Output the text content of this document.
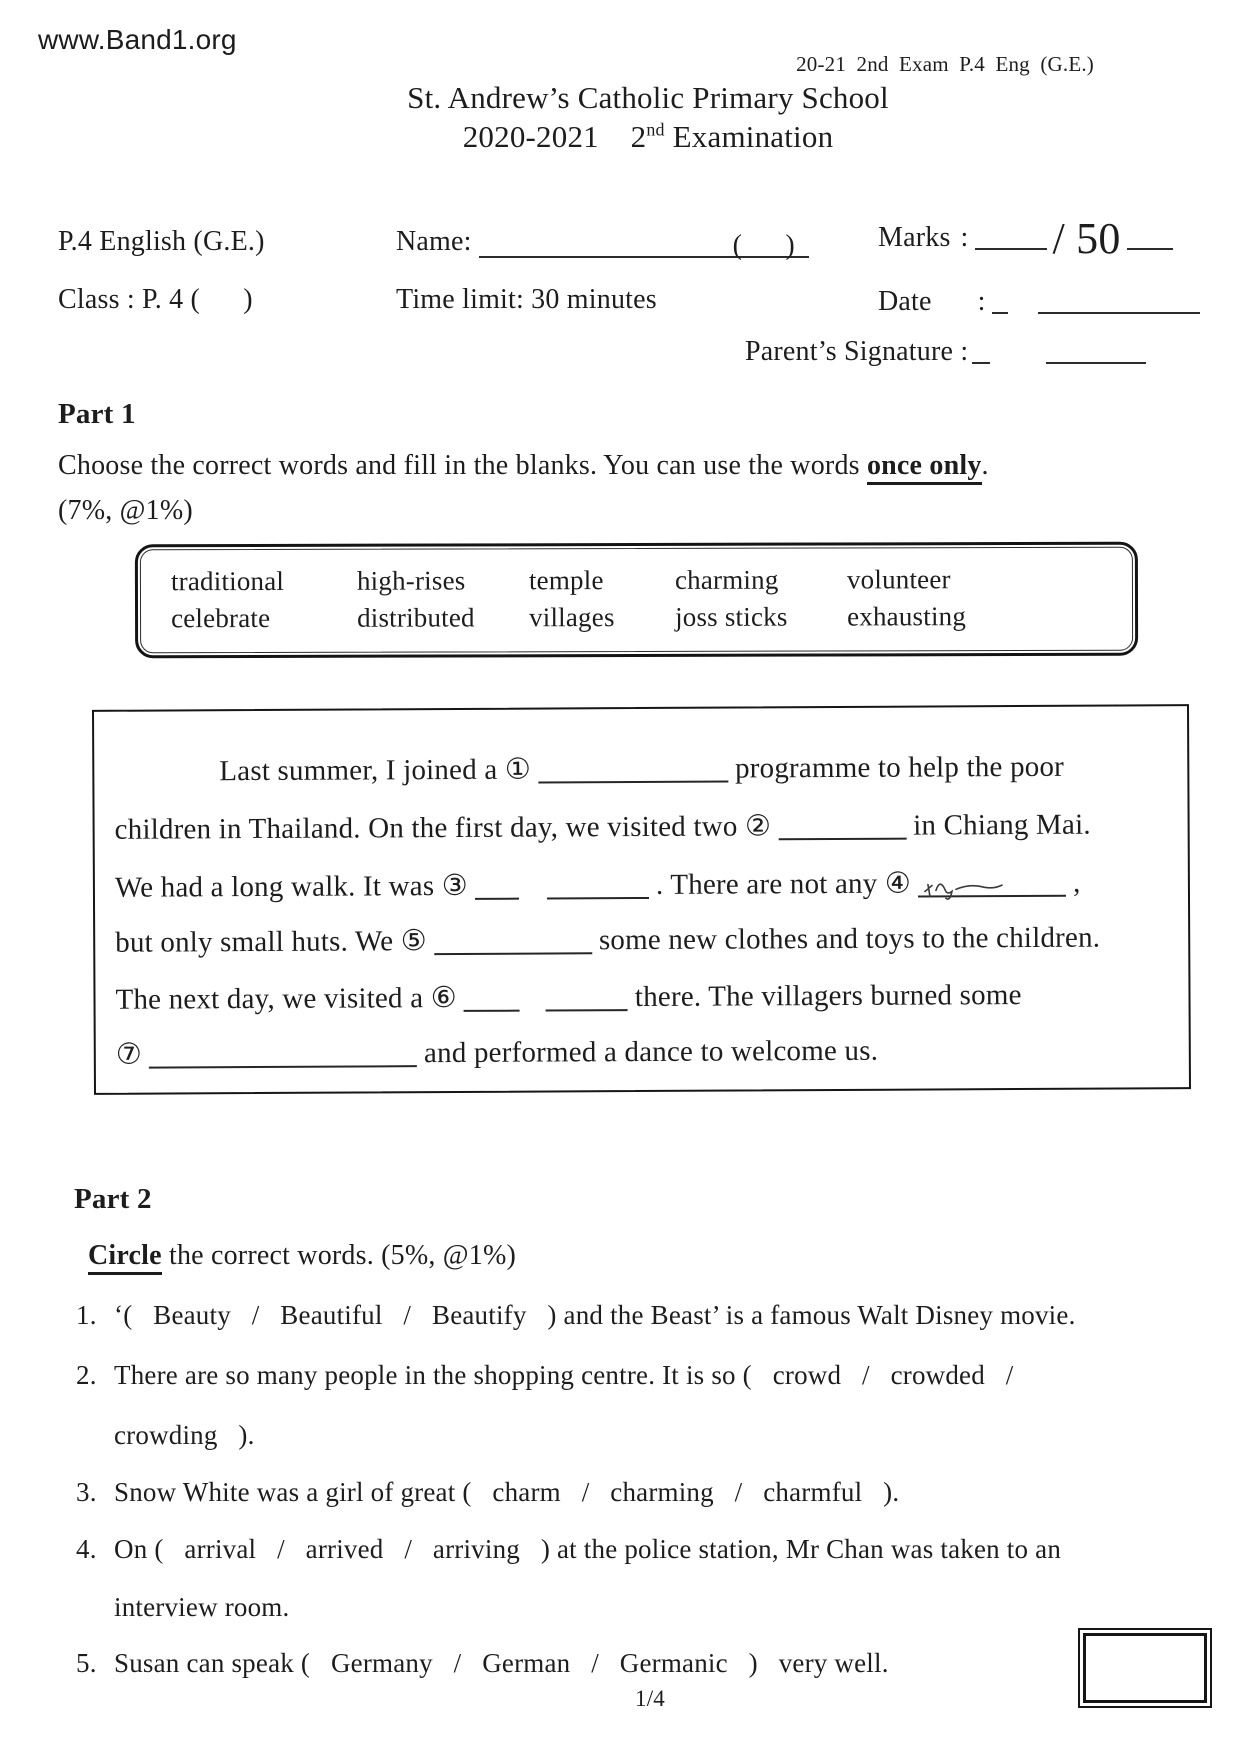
www.Band1.org
20-21 2nd Exam P.4 Eng (G.E.)
St. Andrew’s Catholic Primary School
2020-2021    2nd Examination
P.4 English (G.E.)
Class : P. 4 (      )
Name:	(      )
Time limit: 30 minutes
Marks : / 50
Date :
Parent’s Signature :
Part 1
Choose the correct words and fill in the blanks. You can use the words once only.
(7%, @1%)
traditional	high-rises	temple	charming	volunteer
celebrate	distributed	villages	joss sticks	exhausting
Last summer, I joined a ①	programme to help the poor
children in Thailand. On the first day, we visited two ②	in Chiang Mai.
We had a long walk. It was ③	. There are not any ④	,
but only small huts. We ⑤	some new clothes and toys to the children.
The next day, we visited a ⑥	there. The villagers burned some
⑦	and performed a dance to welcome us.
Part 2
Circle the correct words. (5%, @1%)
1. ‘(   Beauty   /   Beautiful   /   Beautify   ) and the Beast’ is a famous Walt Disney movie.
2. There are so many people in the shopping centre. It is so (   crowd   /   crowded   /
crowding   ).
3. Snow White was a girl of great (   charm   /   charming   /   charmful   ).
4. On (   arrival   /   arrived   /   arriving   ) at the police station, Mr Chan was taken to an
interview room.
5. Susan can speak (   Germany   /   German   /   Germanic   )   very well.
1/4
